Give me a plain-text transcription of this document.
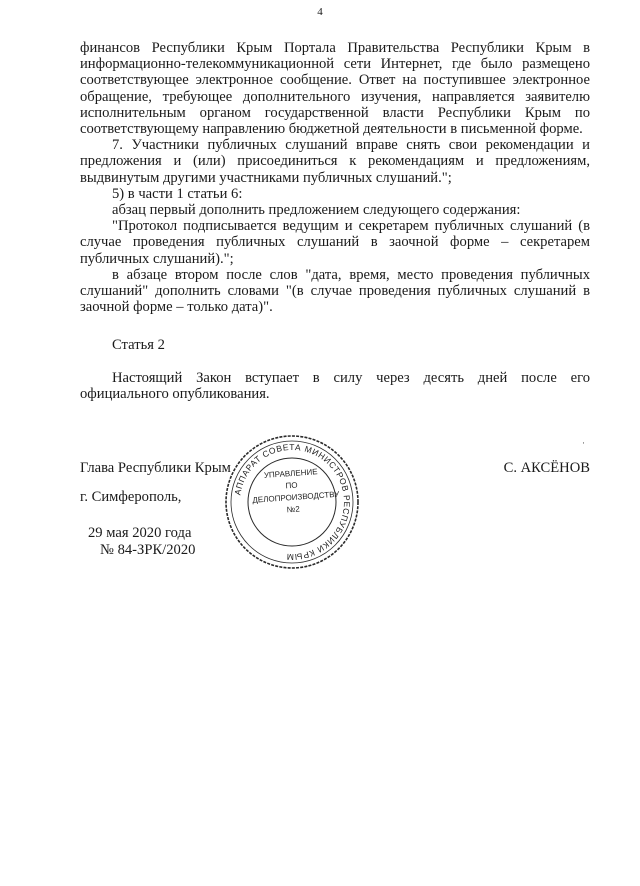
4

финансов Республики Крым Портала Правительства Республики Крым в информационно-телекоммуникационной сети Интернет, где было размещено соответствующее электронное сообщение. Ответ на поступившее электронное обращение, требующее дополнительного изучения, направляется заявителю исполнительным органом государственной власти Республики Крым по соответствующему направлению бюджетной деятельности в письменной форме.

7. Участники публичных слушаний вправе снять свои рекомендации и предложения и (или) присоединиться к рекомендациям и предложениям, выдвинутым другими участниками публичных слушаний.";

5) в части 1 статьи 6:

абзац первый дополнить предложением следующего содержания:

"Протокол подписывается ведущим и секретарем публичных слушаний (в случае проведения публичных слушаний в заочной форме – секретарем публичных слушаний).";

в абзаце втором после слов "дата, время, место проведения публичных слушаний" дополнить словами "(в случае проведения публичных слушаний в заочной форме – только дата)".

Статья 2

Настоящий Закон вступает в силу через десять дней после его официального опубликования.

Глава Республики Крым	С. АКСЁНОВ
г. Симферополь,
29 мая 2020 года
№ 84-ЗРК/2020
АППАРАТ СОВЕТА МИНИСТРОВ РЕСПУБЛИКИ КРЫМ
УПРАВЛЕНИЕ
ПО
ДЕЛОПРОИЗВОДСТВУ
№2
·
